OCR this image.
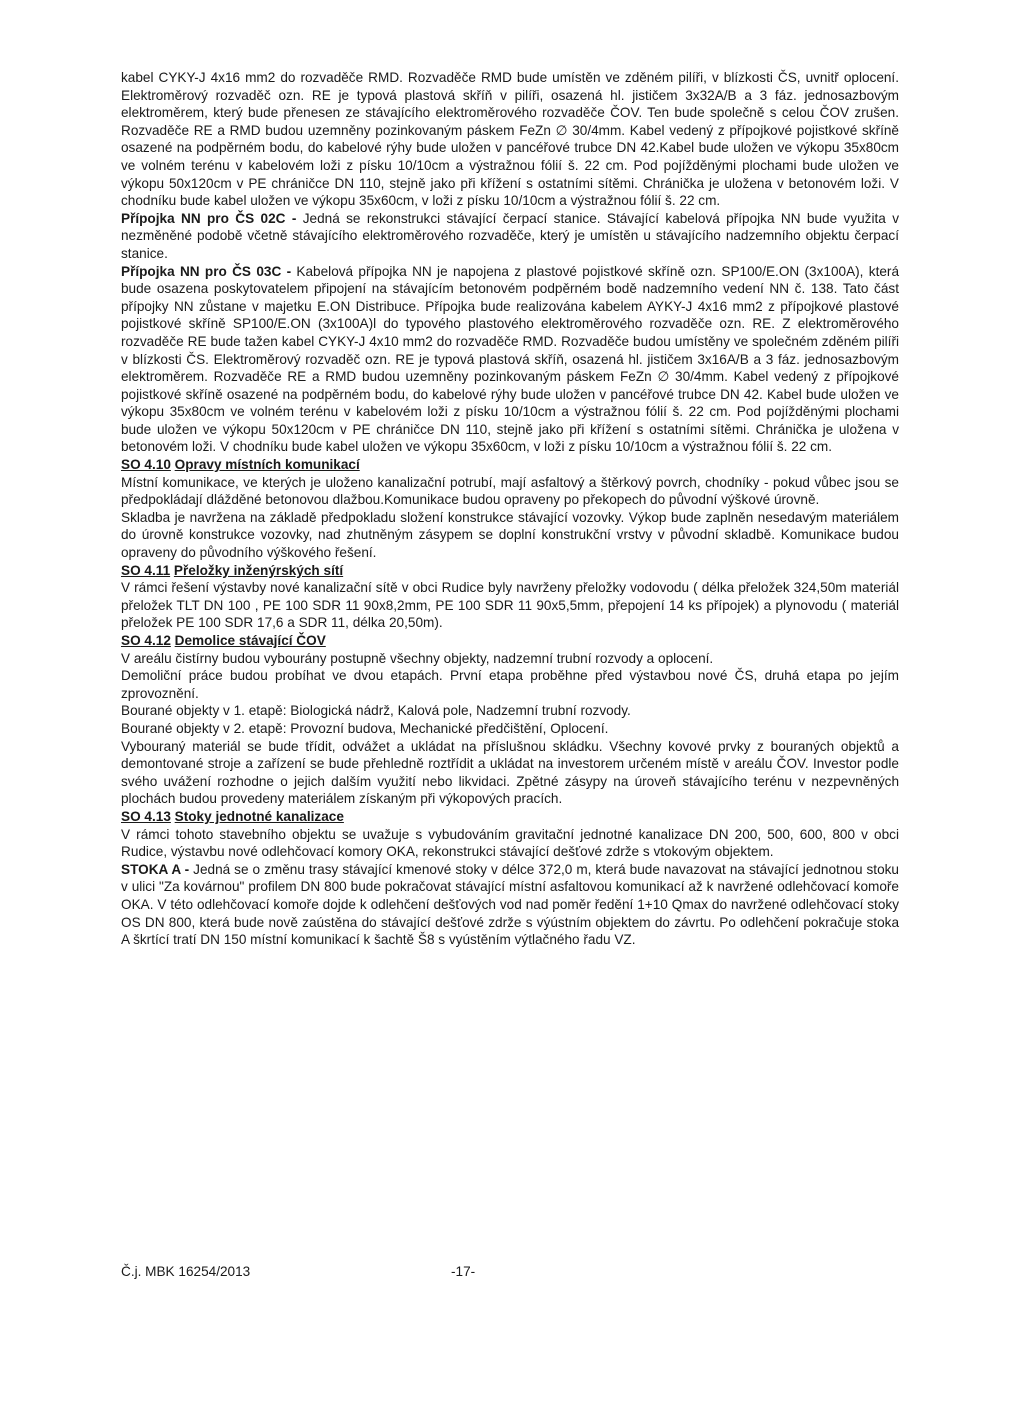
kabel CYKY-J 4x16 mm2 do rozvaděče RMD. Rozvaděče RMD bude umístěn ve zděném pilíři, v blízkosti ČS, uvnitř oplocení. Elektroměrový rozvaděč ozn. RE je typová plastová skříň v pilíři, osazená hl. jističem 3x32A/B a 3 fáz. jednosazbovým elektroměrem, který bude přenesen ze stávajícího elektroměrového rozvaděče ČOV. Ten bude společně s celou ČOV zrušen. Rozvaděče RE a RMD budou uzemněny pozinkovaným páskem FeZn ∅ 30/4mm. Kabel vedený z přípojkové pojistkové skříně osazené na podpěrném bodu, do kabelové rýhy bude uložen v pancéřové trubce DN 42.Kabel bude uložen ve výkopu 35x80cm ve volném terénu v kabelovém loži z písku 10/10cm a výstražnou fólií š. 22 cm. Pod pojížděnými plochami bude uložen ve výkopu 50x120cm v PE chráničce DN 110, stejně jako při křížení s ostatními sítěmi. Chránička je uložena v betonovém loži. V chodníku bude kabel uložen ve výkopu 35x60cm, v loži z písku 10/10cm a výstražnou fólií š. 22 cm.

Přípojka NN pro ČS 02C - Jedná se rekonstrukci stávající čerpací stanice. Stávající kabelová přípojka NN bude využita v nezměněné podobě včetně stávajícího elektroměrového rozvaděče, který je umístěn u stávajícího nadzemního objektu čerpací stanice.

Přípojka NN pro ČS 03C - Kabelová přípojka NN je napojena z plastové pojistkové skříně ozn. SP100/E.ON (3x100A), která bude osazena poskytovatelem připojení na stávajícím betonovém podpěrném bodě nadzemního vedení NN č. 138. Tato část přípojky NN zůstane v majetku E.ON Distribuce. Přípojka bude realizována kabelem AYKY-J 4x16 mm2 z přípojkové plastové pojistkové skříně SP100/E.ON (3x100A)l do typového plastového elektroměrového rozvaděče ozn. RE. Z elektroměrového rozvaděče RE bude tažen kabel CYKY-J 4x10 mm2 do rozvaděče RMD. Rozvaděče budou umístěny ve společném zděném pilíři v blízkosti ČS. Elektroměrový rozvaděč ozn. RE je typová plastová skříň, osazená hl. jističem 3x16A/B a 3 fáz. jednosazbovým elektroměrem. Rozvaděče RE a RMD budou uzemněny pozinkovaným páskem FeZn ∅ 30/4mm. Kabel vedený z přípojkové pojistkové skříně osazené na podpěrném bodu, do kabelové rýhy bude uložen v pancéřové trubce DN 42. Kabel bude uložen ve výkopu 35x80cm ve volném terénu v kabelovém loži z písku 10/10cm a výstražnou fólií š. 22 cm. Pod pojížděnými plochami bude uložen ve výkopu 50x120cm v PE chráničce DN 110, stejně jako při křížení s ostatními sítěmi. Chránička je uložena v betonovém loži. V chodníku bude kabel uložen ve výkopu 35x60cm, v loži z písku 10/10cm a výstražnou fólií š. 22 cm.

SO 4.10 Opravy místních komunikací

Místní komunikace, ve kterých je uloženo kanalizační potrubí, mají asfaltový a štěrkový povrch, chodníky - pokud vůbec jsou se předpokládají dlážděné betonovou dlažbou.Komunikace budou opraveny po překopech do původní výškové úrovně.

Skladba je navržena na základě předpokladu složení konstrukce stávající vozovky. Výkop bude zaplněn nesedavým materiálem do úrovně konstrukce vozovky, nad zhutněným zásypem se doplní konstrukční vrstvy v původní skladbě. Komunikace budou opraveny do původního výškového řešení.

SO 4.11 Přeložky inženýrských sítí

V rámci řešení výstavby nové kanalizační sítě v obci Rudice byly navrženy přeložky vodovodu ( délka přeložek 324,50m materiál přeložek TLT DN 100 , PE 100 SDR 11 90x8,2mm, PE 100 SDR 11 90x5,5mm, přepojení 14 ks přípojek) a plynovodu ( materiál přeložek PE 100 SDR 17,6 a SDR 11, délka 20,50m).

SO 4.12 Demolice stávající ČOV

V areálu čistírny budou vybourány postupně všechny objekty, nadzemní trubní rozvody a oplocení.

Demoliční práce budou probíhat ve dvou etapách. První etapa proběhne před výstavbou nové ČS, druhá etapa po jejím zprovoznění.

Bourané objekty v 1. etapě: Biologická nádrž, Kalová pole, Nadzemní trubní rozvody.

Bourané objekty v 2. etapě: Provozní budova, Mechanické předčištění, Oplocení.

Vybouraný materiál se bude třídit, odvážet a ukládat na příslušnou skládku. Všechny kovové prvky z bouraných objektů a demontované stroje a zařízení se bude přehledně roztřídit a ukládat na investorem určeném místě v areálu ČOV. Investor podle svého uvážení rozhodne o jejich dalším využití nebo likvidaci. Zpětné zásypy na úroveň stávajícího terénu v nezpevněných plochách budou provedeny materiálem získaným při výkopových pracích.

SO 4.13 Stoky jednotné kanalizace

V rámci tohoto stavebního objektu se uvažuje s vybudováním gravitační jednotné kanalizace DN 200, 500, 600, 800 v obci Rudice, výstavbu nové odlehčovací komory OKA, rekonstrukci stávající dešťové zdrže s vtokovým objektem.

STOKA A - Jedná se o změnu trasy stávající kmenové stoky v délce 372,0 m, která bude navazovat na stávající jednotnou stoku v ulici "Za kovárnou" profilem DN 800 bude pokračovat stávající místní asfaltovou komunikací až k navržené odlehčovací komoře OKA. V této odlehčovací komoře dojde k odlehčení dešťových vod nad poměr ředění 1+10 Qmax do navržené odlehčovací stoky OS DN 800, která bude nově zaústěna do stávající dešťové zdrže s výústním objektem do závrtu. Po odlehčení pokračuje stoka A škrtící tratí DN 150 místní komunikací k šachtě Š8 s vyústěním výtlačného řadu VZ.

Č.j. MBK 16254/2013	-17-
